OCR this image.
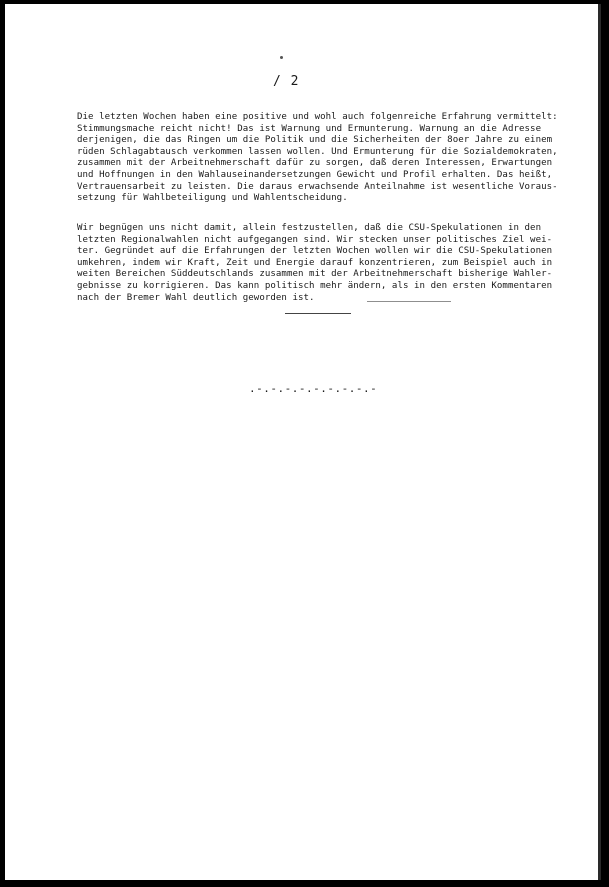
/ 2
Die letzten Wochen haben eine positive und wohl auch folgenreiche Erfahrung vermittelt:
Stimmungsmache reicht nicht! Das ist Warnung und Ermunterung. Warnung an die Adresse
derjenigen, die das Ringen um die Politik und die Sicherheiten der 8oer Jahre zu einem
rüden Schlagabtausch verkommen lassen wollen. Und Ermunterung für die Sozialdemokraten,
zusammen mit der Arbeitnehmerschaft dafür zu sorgen, daß deren Interessen, Erwartungen
und Hoffnungen in den Wahlauseinandersetzungen Gewicht und Profil erhalten. Das heißt,
Vertrauensarbeit zu leisten. Die daraus erwachsende Anteilnahme ist wesentliche Voraus-
setzung für Wahlbeteiligung und Wahlentscheidung.
Wir begnügen uns nicht damit, allein festzustellen, daß die CSU-Spekulationen in den
letzten Regionalwahlen nicht aufgegangen sind. Wir stecken unser politisches Ziel wei-
ter. Gegründet auf die Erfahrungen der letzten Wochen wollen wir die CSU-Spekulationen
umkehren, indem wir Kraft, Zeit und Energie darauf konzentrieren, zum Beispiel auch in
weiten Bereichen Süddeutschlands zusammen mit der Arbeitnehmerschaft bisherige Wahler-
gebnisse zu korrigieren. Das kann politisch mehr ändern, als in den ersten Kommentaren
nach der Bremer Wahl deutlich geworden ist.
.-.-.-.-.-.-.-.-.-
